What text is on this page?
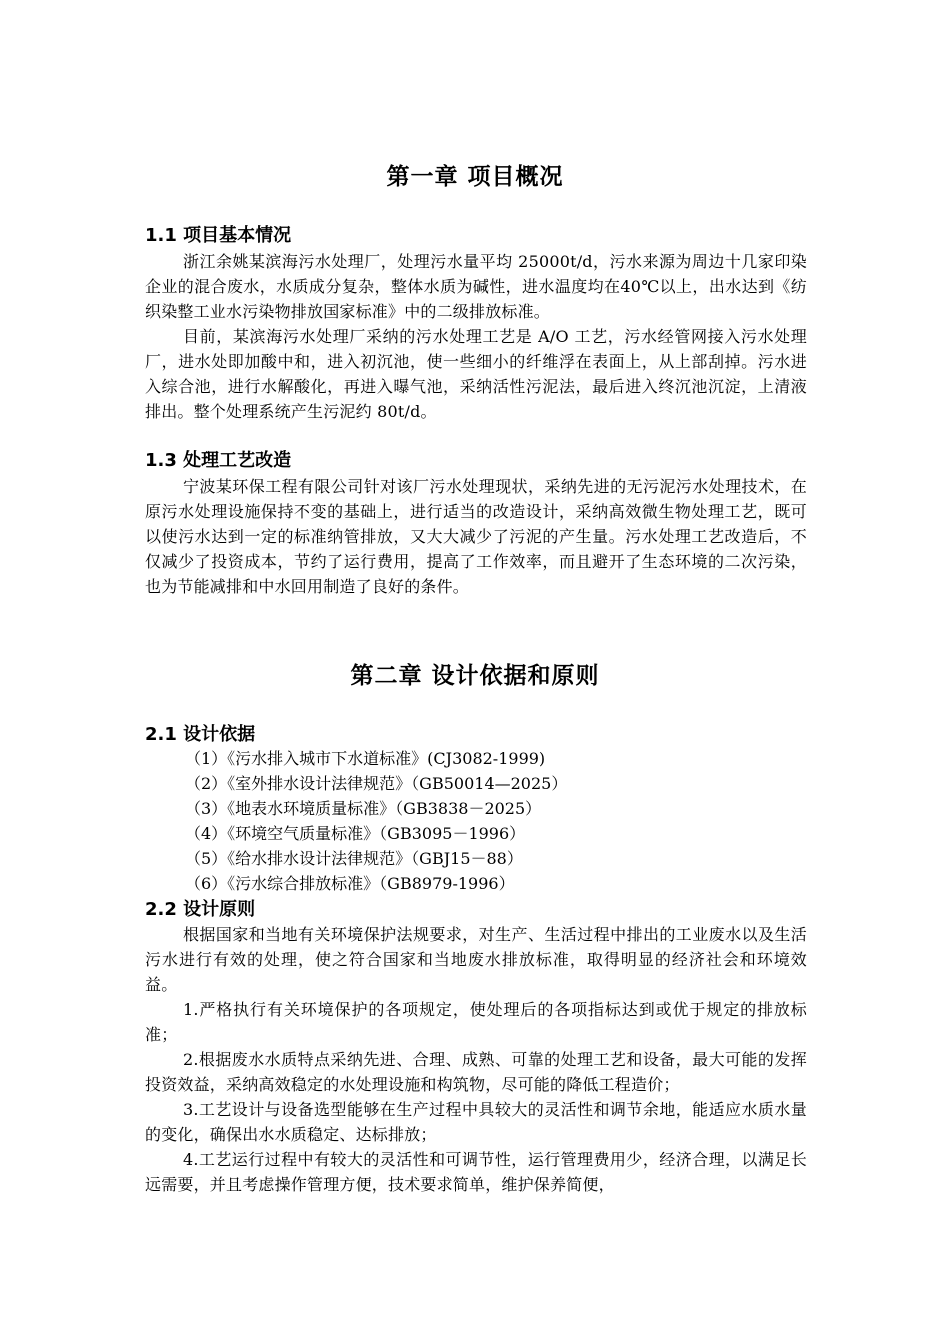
第一章 项目概况
1.1 项目基本情况

浙江余姚某滨海污水处理厂，处理污水量平均 25000t/d，污水来源为周边十几家印染企业的混合废水，水质成分复杂，整体水质为碱性，进水温度均在40℃以上，出水达到《纺织染整工业水污染物排放国家标准》中的二级排放标准。

目前，某滨海污水处理厂采纳的污水处理工艺是 A/O 工艺，污水经管网接入污水处理厂，进水处即加酸中和，进入初沉池，使一些细小的纤维浮在表面上，从上部刮掉。污水进入综合池，进行水解酸化，再进入曝气池，采纳活性污泥法，最后进入终沉池沉淀，上清液排出。整个处理系统产生污泥约 80t/d。

1.3 处理工艺改造

宁波某环保工程有限公司针对该厂污水处理现状，采纳先进的无污泥污水处理技术，在原污水处理设施保持不变的基础上，进行适当的改造设计，采纳高效微生物处理工艺，既可以使污水达到一定的标准纳管排放，又大大减少了污泥的产生量。污水处理工艺改造后，不仅减少了投资成本，节约了运行费用，提高了工作效率，而且避开了生态环境的二次污染，也为节能减排和中水回用制造了良好的条件。

第二章 设计依据和原则
2.1 设计依据
（1）《污水排入城市下水道标准》(CJ3082-1999)
（2）《室外排水设计法律规范》（GB50014—2025）
（3）《地表水环境质量标准》（GB3838－2025）
（4）《环境空气质量标准》（GB3095－1996）
（5）《给水排水设计法律规范》（GBJ15－88）
（6）《污水综合排放标准》（GB8979-1996）
2.2 设计原则

根据国家和当地有关环境保护法规要求，对生产、生活过程中排出的工业废水以及生活污水进行有效的处理，使之符合国家和当地废水排放标准，取得明显的经济社会和环境效益。

1.严格执行有关环境保护的各项规定，使处理后的各项指标达到或优于规定的排放标准；

2.根据废水水质特点采纳先进、合理、成熟、可靠的处理工艺和设备，最大可能的发挥投资效益，采纳高效稳定的水处理设施和构筑物，尽可能的降低工程造价；

3.工艺设计与设备选型能够在生产过程中具较大的灵活性和调节余地，能适应水质水量的变化，确保出水水质稳定、达标排放；

4.工艺运行过程中有较大的灵活性和可调节性，运行管理费用少，经济合理，以满足长远需要，并且考虑操作管理方便，技术要求简单，维护保养简便，
